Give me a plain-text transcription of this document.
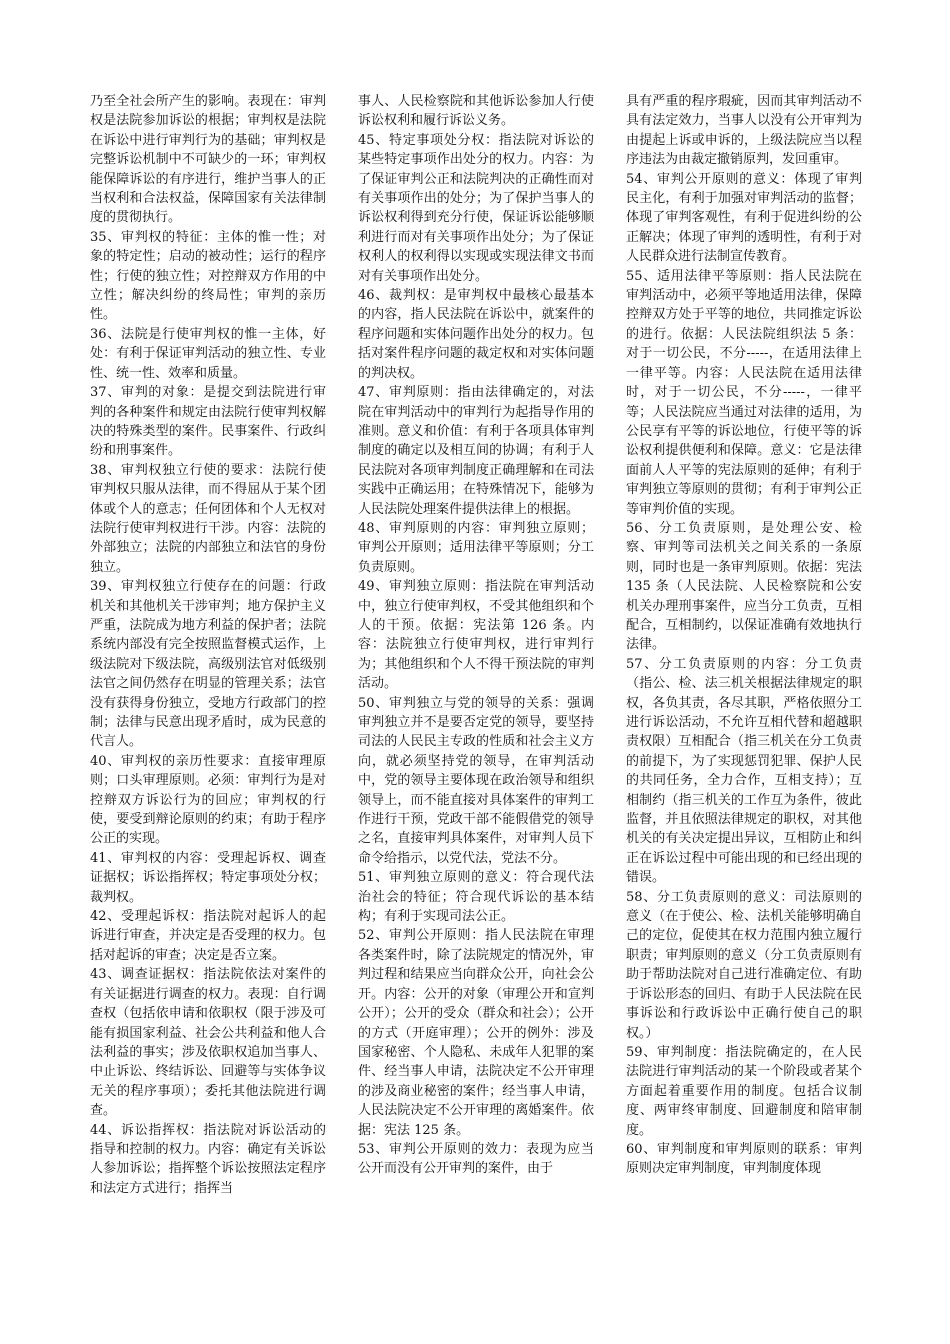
乃至全社会所产生的影响。表现在：审判权是法院参加诉讼的根据；审判权是法院在诉讼中进行审判行为的基础；审判权是完整诉讼机制中不可缺少的一环；审判权能保障诉讼的有序进行，维护当事人的正当权利和合法权益，保障国家有关法律制度的贯彻执行。

35、审判权的特征：主体的惟一性；对象的特定性；启动的被动性；运行的程序性；行使的独立性；对控辩双方作用的中立性；解决纠纷的终局性；审判的亲历性。

36、法院是行使审判权的惟一主体，好处：有利于保证审判活动的独立性、专业性、统一性、效率和质量。

37、审判的对象：是提交到法院进行审判的各种案件和规定由法院行使审判权解决的特殊类型的案件。民事案件、行政纠纷和刑事案件。

38、审判权独立行使的要求：法院行使审判权只服从法律，而不得屈从于某个团体或个人的意志；任何团体和个人无权对法院行使审判权进行干涉。内容：法院的外部独立；法院的内部独立和法官的身份独立。

39、审判权独立行使存在的问题：行政机关和其他机关干涉审判；地方保护主义严重，法院成为地方利益的保护者；法院系统内部没有完全按照监督模式运作，上级法院对下级法院，高级别法官对低级别法官之间仍然存在明显的管理关系；法官没有获得身份独立，受地方行政部门的控制；法律与民意出现矛盾时，成为民意的代言人。

40、审判权的亲历性要求：直接审理原则；口头审理原则。必须：审判行为是对控辩双方诉讼行为的回应；审判权的行使，要受到辩论原则的约束；有助于程序公正的实现。

41、审判权的内容：受理起诉权、调查证据权；诉讼指挥权；特定事项处分权；裁判权。

42、受理起诉权：指法院对起诉人的起诉进行审查，并决定是否受理的权力。包括对起诉的审查；决定是否立案。

43、调查证据权：指法院依法对案件的有关证据进行调查的权力。表现：自行调查权（包括依申请和依职权（限于涉及可能有损国家利益、社会公共利益和他人合法利益的事实；涉及依职权追加当事人、中止诉讼、终结诉讼、回避等与实体争议无关的程序事项）；委托其他法院进行调查。

44、诉讼指挥权：指法院对诉讼活动的指导和控制的权力。内容：确定有关诉讼人参加诉讼；指挥整个诉讼按照法定程序和法定方式进行；指挥当

事人、人民检察院和其他诉讼参加人行使诉讼权利和履行诉讼义务。

45、特定事项处分权：指法院对诉讼的某些特定事项作出处分的权力。内容：为了保证审判公正和法院判决的正确性而对有关事项作出的处分；为了保护当事人的诉讼权利得到充分行使，保证诉讼能够顺利进行而对有关事项作出处分；为了保证权利人的权利得以实现或实现法律文书而对有关事项作出处分。

46、裁判权：是审判权中最核心最基本的内容，指人民法院在诉讼中，就案件的程序问题和实体问题作出处分的权力。包括对案件程序问题的裁定权和对实体问题的判决权。

47、审判原则：指由法律确定的，对法院在审判活动中的审判行为起指导作用的准则。意义和价值：有利于各项具体审判制度的确定以及相互间的协调；有利于人民法院对各项审判制度正确理解和在司法实践中正确运用；在特殊情况下，能够为人民法院处理案件提供法律上的根据。

48、审判原则的内容：审判独立原则；审判公开原则；适用法律平等原则；分工负责原则。

49、审判独立原则：指法院在审判活动中，独立行使审判权，不受其他组织和个人的干预。依据：宪法第 126 条。内容：法院独立行使审判权，进行审判行为；其他组织和个人不得干预法院的审判活动。

50、审判独立与党的领导的关系：强调审判独立并不是要否定党的领导，要坚持司法的人民民主专政的性质和社会主义方向，就必须坚持党的领导，在审判活动中，党的领导主要体现在政治领导和组织领导上，而不能直接对具体案件的审判工作进行干预，党政干部不能假借党的领导之名，直接审判具体案件，对审判人员下命令给指示，以党代法，党法不分。

51、审判独立原则的意义：符合现代法治社会的特征；符合现代诉讼的基本结构；有利于实现司法公正。

52、审判公开原则：指人民法院在审理各类案件时，除了法院规定的情况外，审判过程和结果应当向群众公开，向社会公开。内容：公开的对象（审理公开和宣判公开）；公开的受众（群众和社会）；公开的方式（开庭审理）；公开的例外：涉及国家秘密、个人隐私、未成年人犯罪的案件、经当事人申请，法院决定不公开审理的涉及商业秘密的案件；经当事人申请，人民法院决定不公开审理的离婚案件。依据：宪法 125 条。

53、审判公开原则的效力：表现为应当公开而没有公开审判的案件，由于

具有严重的程序瑕疵，因而其审判活动不具有法定效力，当事人以没有公开审判为由提起上诉或申诉的，上级法院应当以程序违法为由裁定撤销原判，发回重审。

54、审判公开原则的意义：体现了审判民主化，有利于加强对审判活动的监督；体现了审判客观性，有利于促进纠纷的公正解决；体现了审判的透明性，有利于对人民群众进行法制宣传教育。

55、适用法律平等原则：指人民法院在审判活动中，必须平等地适用法律，保障控辩双方处于平等的地位，共同推定诉讼的进行。依据：人民法院组织法 5 条：对于一切公民，不分-----，在适用法律上一律平等。内容：人民法院在适用法律时，对于一切公民，不分-----，一律平等；人民法院应当通过对法律的适用，为公民享有平等的诉讼地位，行使平等的诉讼权利提供便利和保障。意义：它是法律面前人人平等的宪法原则的延伸；有利于审判独立等原则的贯彻；有利于审判公正等审判价值的实现。

56、分工负责原则，是处理公安、检察、审判等司法机关之间关系的一条原则，同时也是一条审判原则。依据：宪法 135 条（人民法院、人民检察院和公安机关办理刑事案件，应当分工负责，互相配合，互相制约，以保证准确有效地执行法律。

57、分工负责原则的内容：分工负责（指公、检、法三机关根据法律规定的职权，各负其责，各尽其职，严格依照分工进行诉讼活动，不允许互相代替和超越职责权限）互相配合（指三机关在分工负责的前提下，为了实现惩罚犯罪、保护人民的共同任务，全力合作，互相支持）；互相制约（指三机关的工作互为条件，彼此监督，并且依照法律规定的职权，对其他机关的有关决定提出异议，互相防止和纠正在诉讼过程中可能出现的和已经出现的错误。

58、分工负责原则的意义：司法原则的意义（在于使公、检、法机关能够明确自己的定位，促使其在权力范围内独立履行职责；审判原则的意义（分工负责原则有助于帮助法院对自己进行准确定位、有助于诉讼形态的回归、有助于人民法院在民事诉讼和行政诉讼中正确行使自己的职权。）

59、审判制度：指法院确定的，在人民法院进行审判活动的某一个阶段或者某个方面起着重要作用的制度。包括合议制度、两审终审制度、回避制度和陪审制度。

60、审判制度和审判原则的联系：审判原则决定审判制度，审判制度体现
